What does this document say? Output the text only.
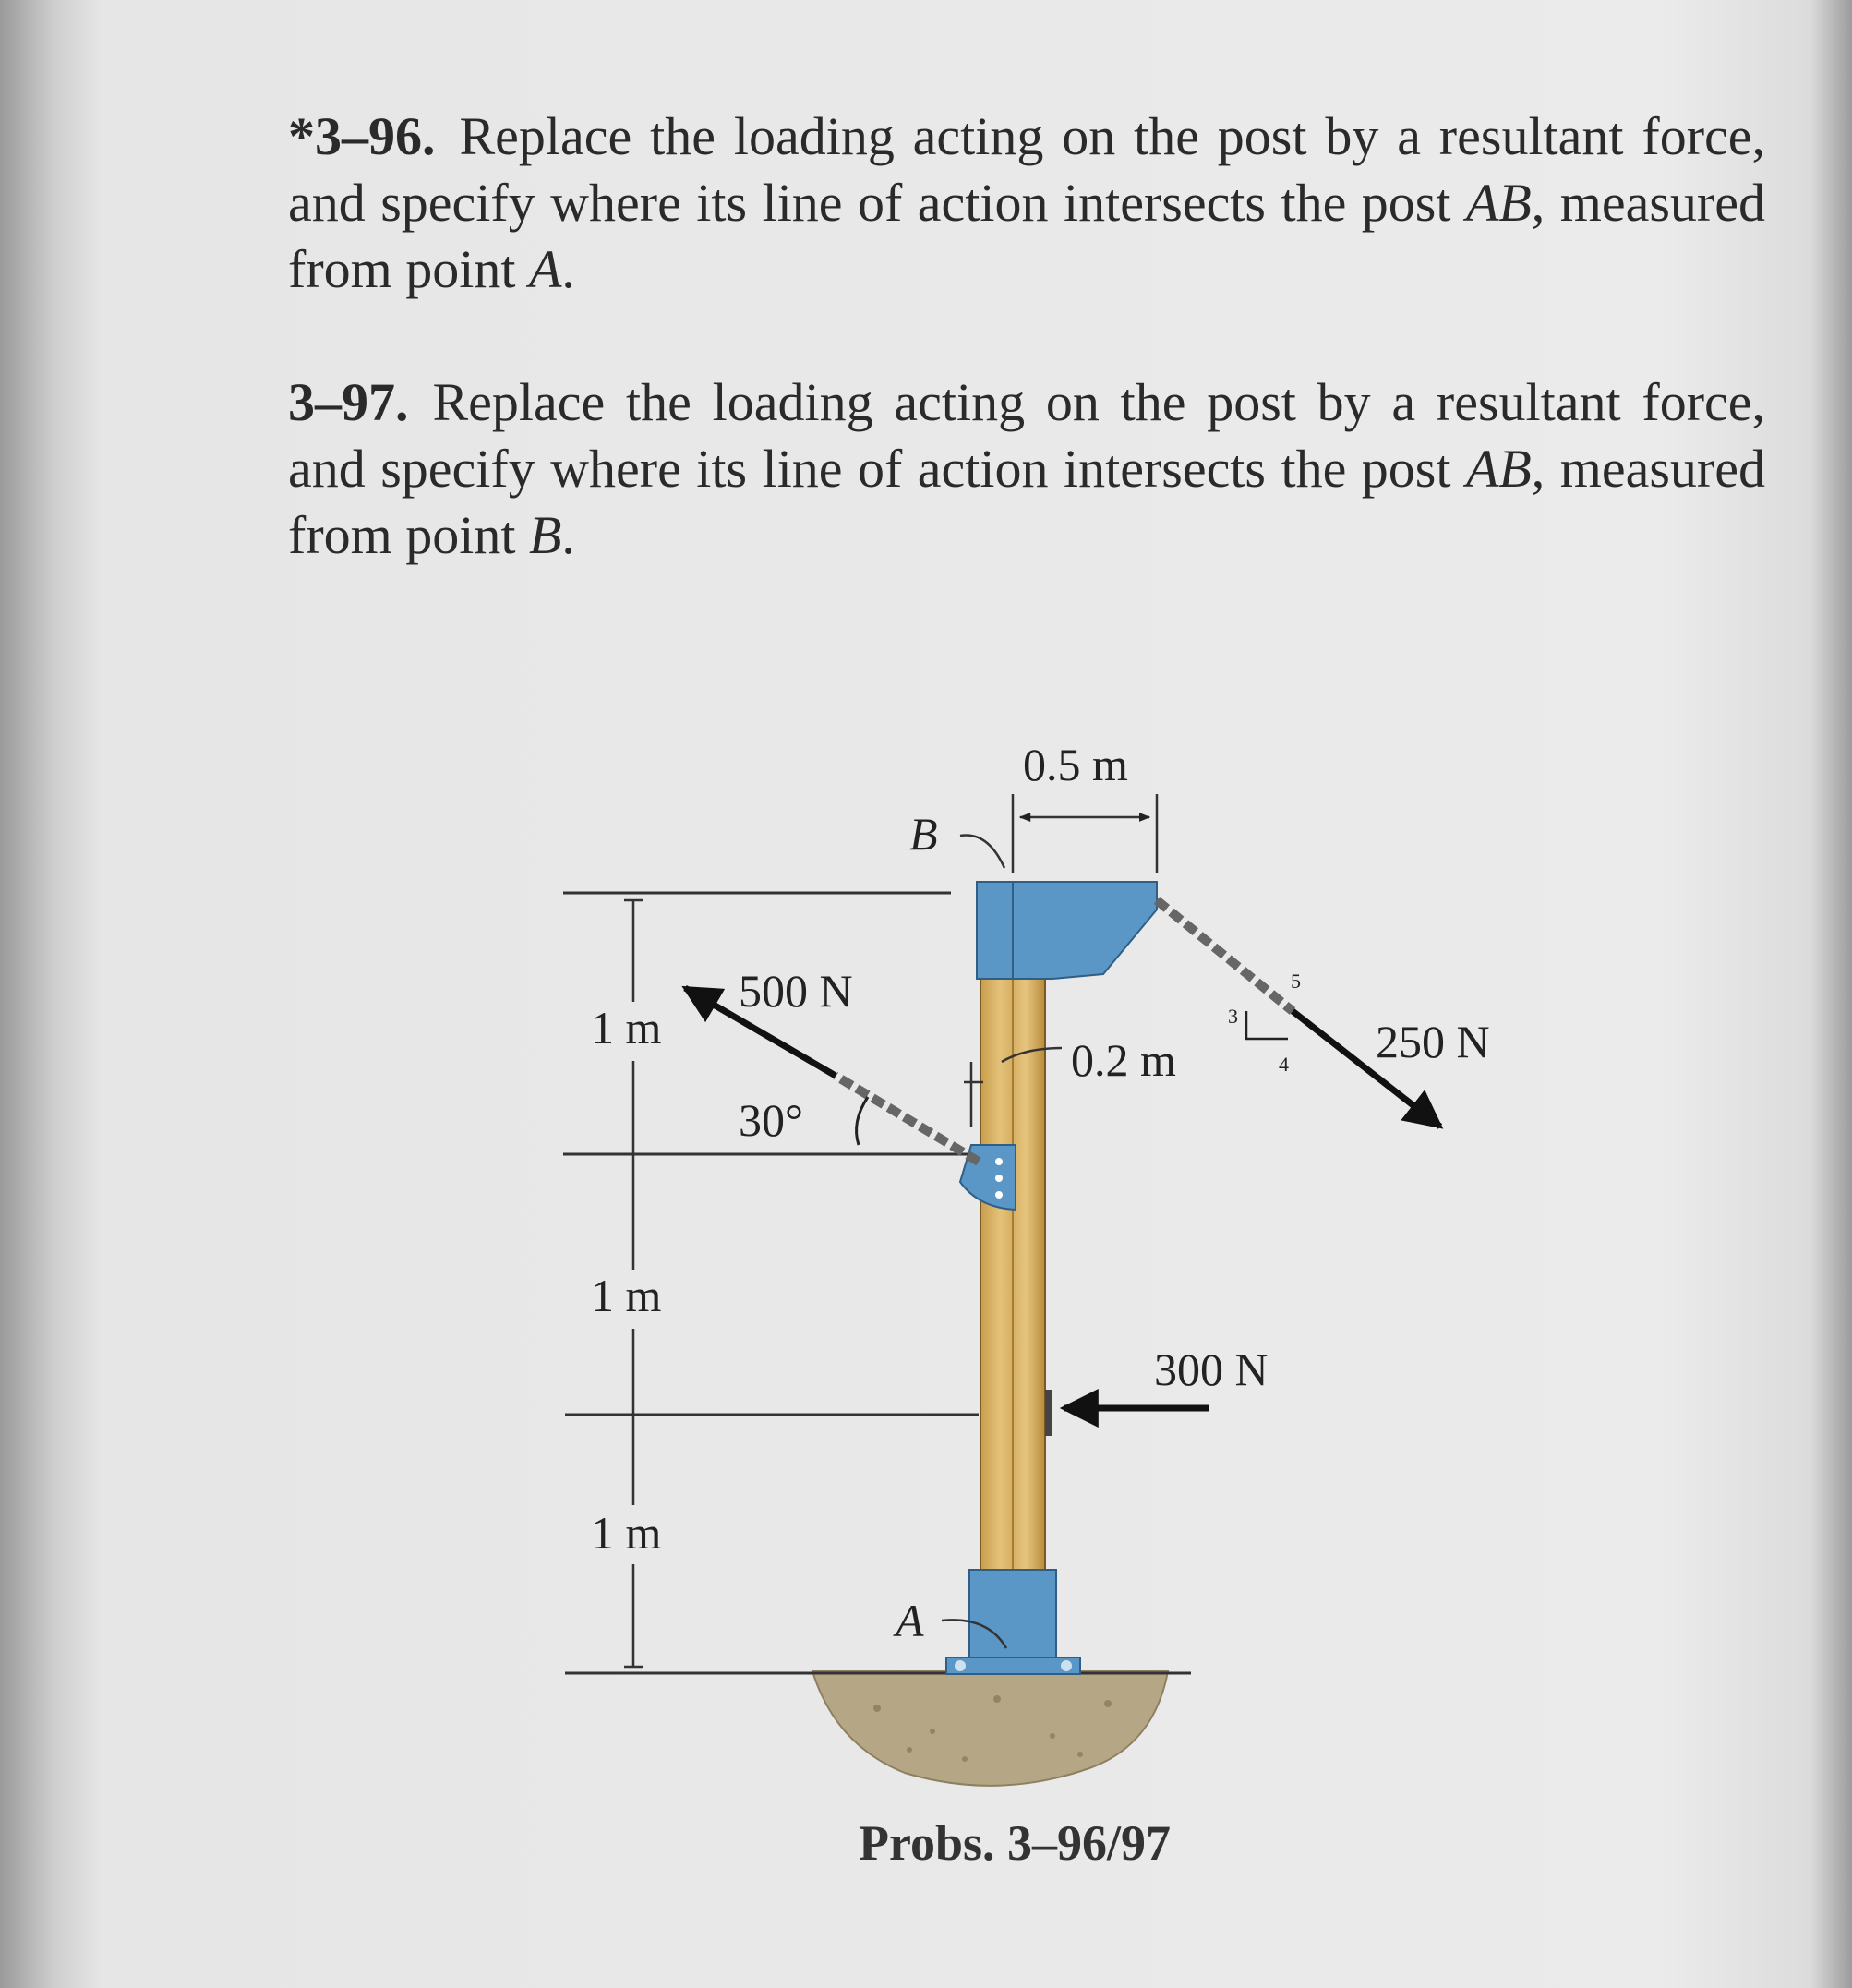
*3–96. Replace the loading acting on the post by a resultant force, and specify where its line of action intersects the post AB, measured from point A.
3–97. Replace the loading acting on the post by a resultant force, and specify where its line of action intersects the post AB, measured from point B.
1 m
1 m
1 m
500 N
30°
250 N
3
4
5
0.5 m
0.2 m
300 N
B
A
Probs. 3–96/97
